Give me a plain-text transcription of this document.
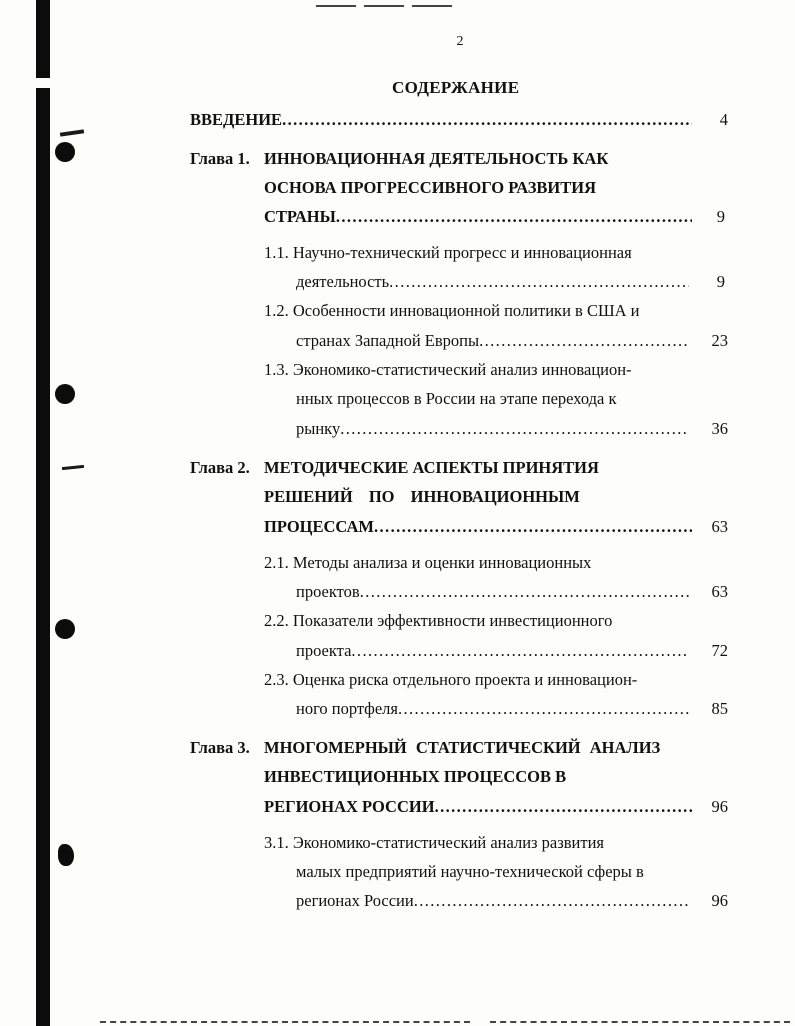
2
СОДЕРЖАНИЕ
ВВЕДЕНИЕ .....	4
Глава 1. ИННОВАЦИОННАЯ ДЕЯТЕЛЬНОСТЬ КАК
ОСНОВА ПРОГРЕССИВНОГО РАЗВИТИЯ
СТРАНЫ .....	9
1.1. Научно-технический прогресс и инновационная
деятельность .....	9
1.2. Особенности инновационной политики в США и
странах Западной Европы .....	23
1.3. Экономико-статистический анализ инновацион-
нных процессов в России на этапе перехода к
рынку .....	36
Глава 2. МЕТОДИЧЕСКИЕ АСПЕКТЫ ПРИНЯТИЯ
РЕШЕНИЙ ПО ИННОВАЦИОННЫМ
ПРОЦЕССАМ .....	63
2.1. Методы анализа и оценки инновационных
проектов .....	63
2.2. Показатели эффективности инвестиционного
проекта .....	72
2.3. Оценка риска отдельного проекта и инновацион-
ного портфеля .....	85
Глава 3. МНОГОМЕРНЫЙ СТАТИСТИЧЕСКИЙ АНАЛИЗ
ИНВЕСТИЦИОННЫХ ПРОЦЕССОВ В
РЕГИОНАХ РОССИИ .....	96
3.1. Экономико-статистический анализ развития
малых предприятий научно-технической сферы в
регионах России .....	96
